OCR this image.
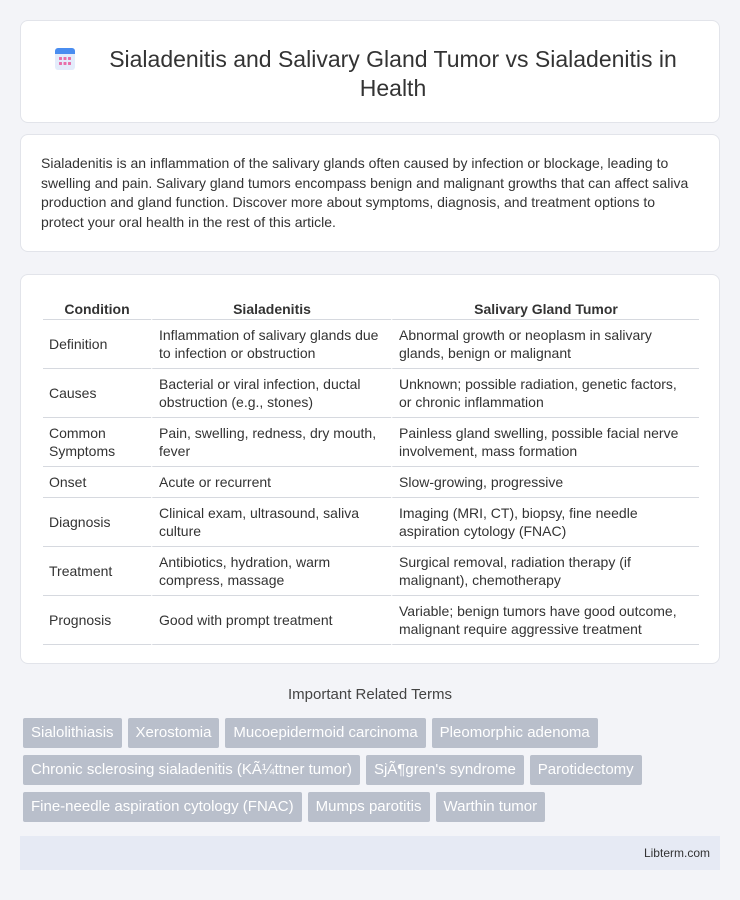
Sialadenitis and Salivary Gland Tumor vs Sialadenitis in Health

Sialadenitis is an inflammation of the salivary glands often caused by infection or blockage, leading to swelling and pain. Salivary gland tumors encompass benign and malignant growths that can affect saliva production and gland function. Discover more about symptoms, diagnosis, and treatment options to protect your oral health in the rest of this article.

Condition	Sialadenitis	Salivary Gland Tumor
Definition	Inflammation of salivary glands due to infection or obstruction	Abnormal growth or neoplasm in salivary glands, benign or malignant
Causes	Bacterial or viral infection, ductal obstruction (e.g., stones)	Unknown; possible radiation, genetic factors, or chronic inflammation
Common Symptoms	Pain, swelling, redness, dry mouth, fever	Painless gland swelling, possible facial nerve involvement, mass formation
Onset	Acute or recurrent	Slow-growing, progressive
Diagnosis	Clinical exam, ultrasound, saliva culture	Imaging (MRI, CT), biopsy, fine needle aspiration cytology (FNAC)
Treatment	Antibiotics, hydration, warm compress, massage	Surgical removal, radiation therapy (if malignant), chemotherapy
Prognosis	Good with prompt treatment	Variable; benign tumors have good outcome, malignant require aggressive treatment
Important Related Terms
Sialolithiasis	Xerostomia	Mucoepidermoid carcinoma	Pleomorphic adenoma
Chronic sclerosing sialadenitis (KÃ¼ttner tumor)	SjÃ¶gren's syndrome	Parotidectomy
Fine-needle aspiration cytology (FNAC)	Mumps parotitis	Warthin tumor
Libterm.com
